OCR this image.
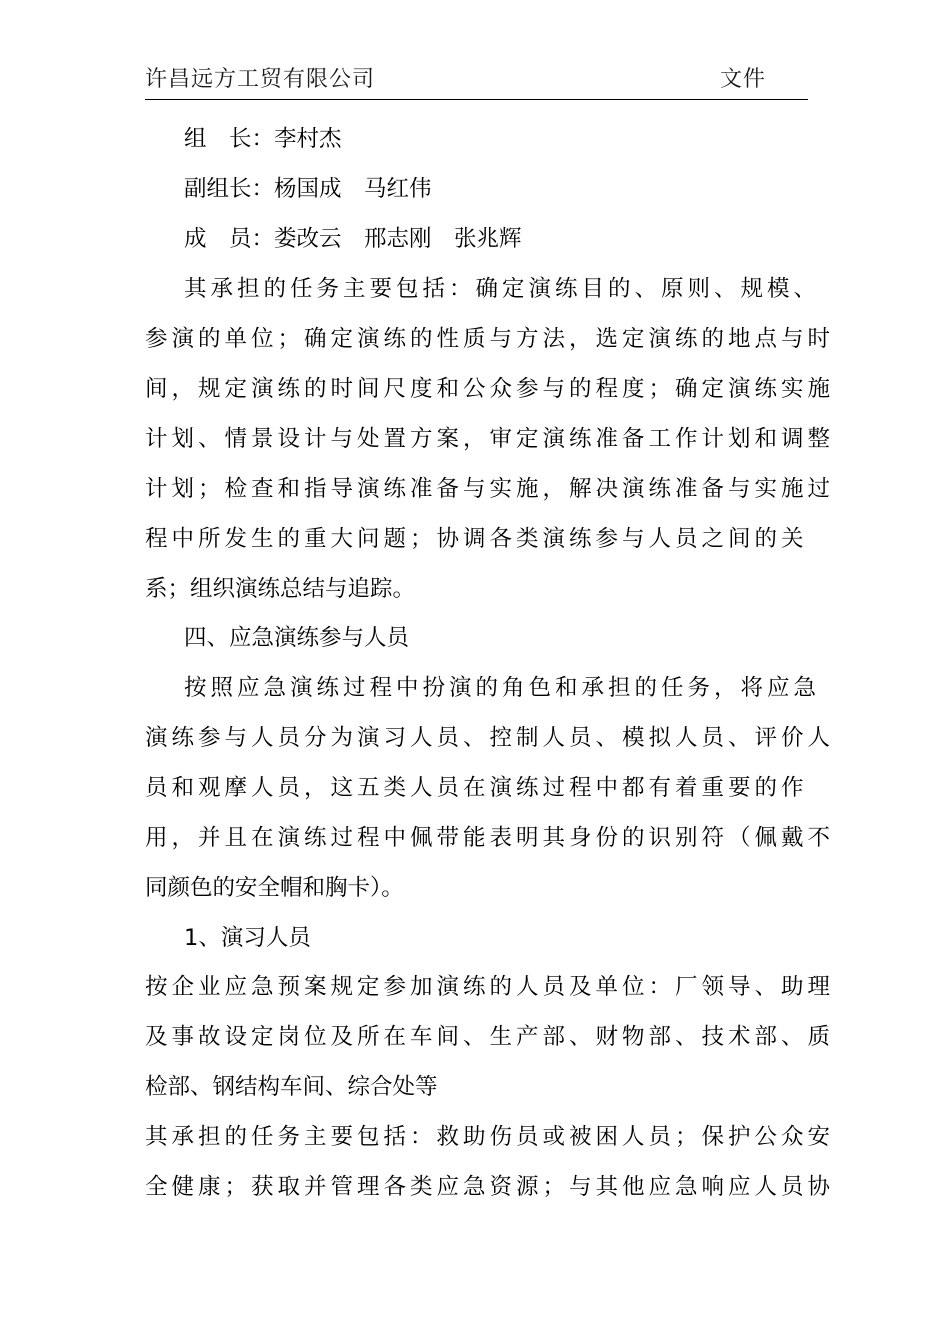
许昌远方工贸有限公司	文件
组　长：李村杰
副组长：杨国成　马红伟
成　员：娄改云　邢志刚　张兆辉
其承担的任务主要包括：确定演练目的、原则、规模、
参演的单位；确定演练的性质与方法，选定演练的地点与时
间，规定演练的时间尺度和公众参与的程度；确定演练实施
计划、情景设计与处置方案，审定演练准备工作计划和调整
计划；检查和指导演练准备与实施，解决演练准备与实施过
程中所发生的重大问题；协调各类演练参与人员之间的关
系；组织演练总结与追踪。
四、应急演练参与人员
按照应急演练过程中扮演的角色和承担的任务，将应急
演练参与人员分为演习人员、控制人员、模拟人员、评价人
员和观摩人员，这五类人员在演练过程中都有着重要的作
用，并且在演练过程中佩带能表明其身份的识别符（佩戴不
同颜色的安全帽和胸卡）。
1、演习人员
按企业应急预案规定参加演练的人员及单位：厂领导、助理
及事故设定岗位及所在车间、生产部、财物部、技术部、质
检部、钢结构车间、综合处等
其承担的任务主要包括：救助伤员或被困人员；保护公众安
全健康；获取并管理各类应急资源；与其他应急响应人员协
